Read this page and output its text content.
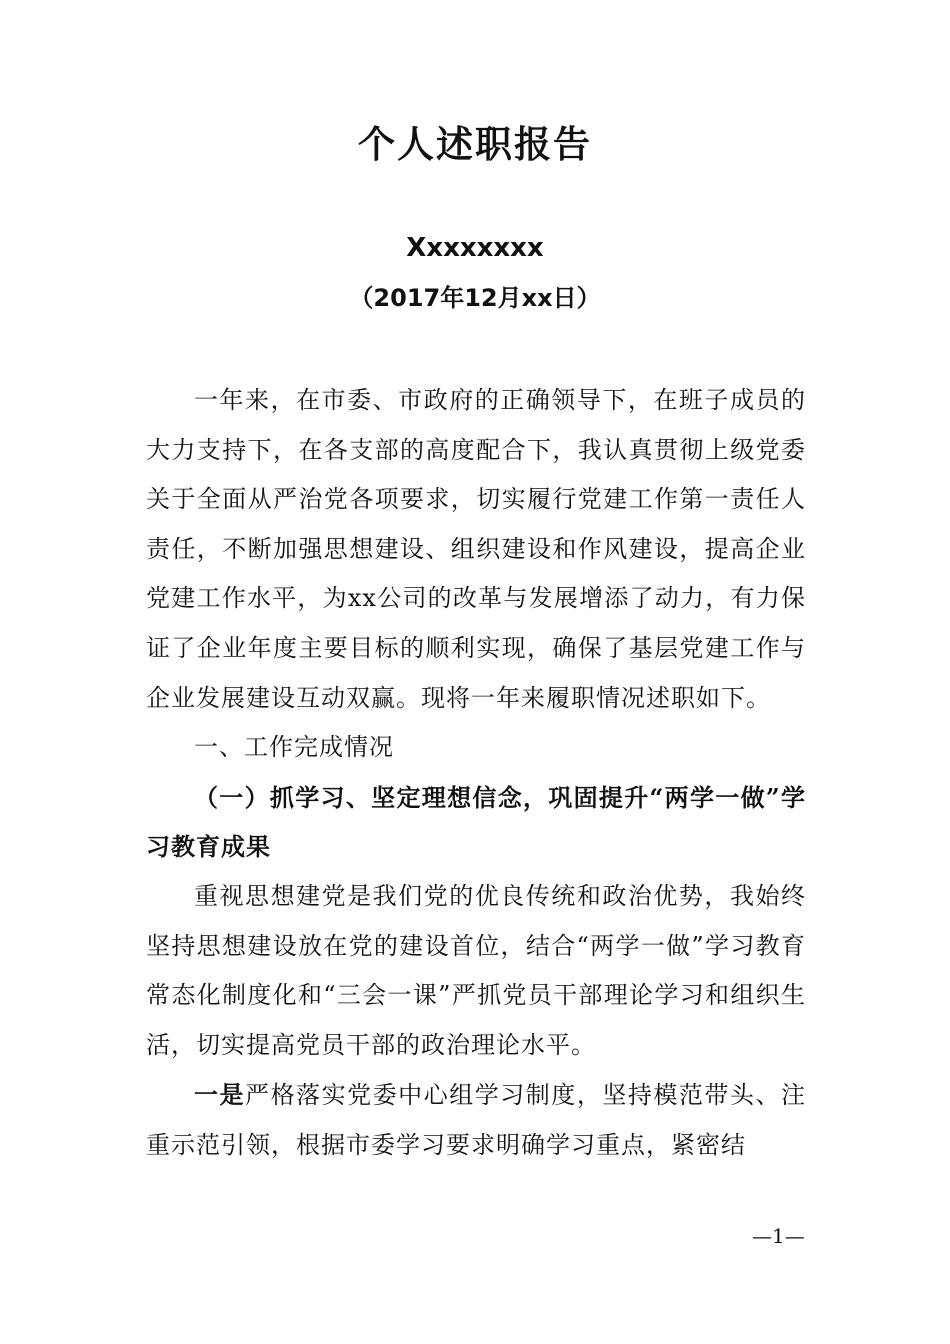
个人述职报告
Xxxxxxxx
（2017年12月xx日）

一年来，在市委、市政府的正确领导下，在班子成员的大力支持下，在各支部的高度配合下，我认真贯彻上级党委关于全面从严治党各项要求，切实履行党建工作第一责任人责任，不断加强思想建设、组织建设和作风建设，提高企业党建工作水平，为xx公司的改革与发展增添了动力，有力保证了企业年度主要目标的顺利实现，确保了基层党建工作与企业发展建设互动双赢。现将一年来履职情况述职如下。

一、工作完成情况

（一）抓学习、坚定理想信念，巩固提升“两学一做”学习教育成果

重视思想建党是我们党的优良传统和政治优势，我始终坚持思想建设放在党的建设首位，结合“两学一做”学习教育常态化制度化和“三会一课”严抓党员干部理论学习和组织生活，切实提高党员干部的政治理论水平。

一是严格落实党委中心组学习制度，坚持模范带头、注重示范引领，根据市委学习要求明确学习重点，紧密结

—1—
